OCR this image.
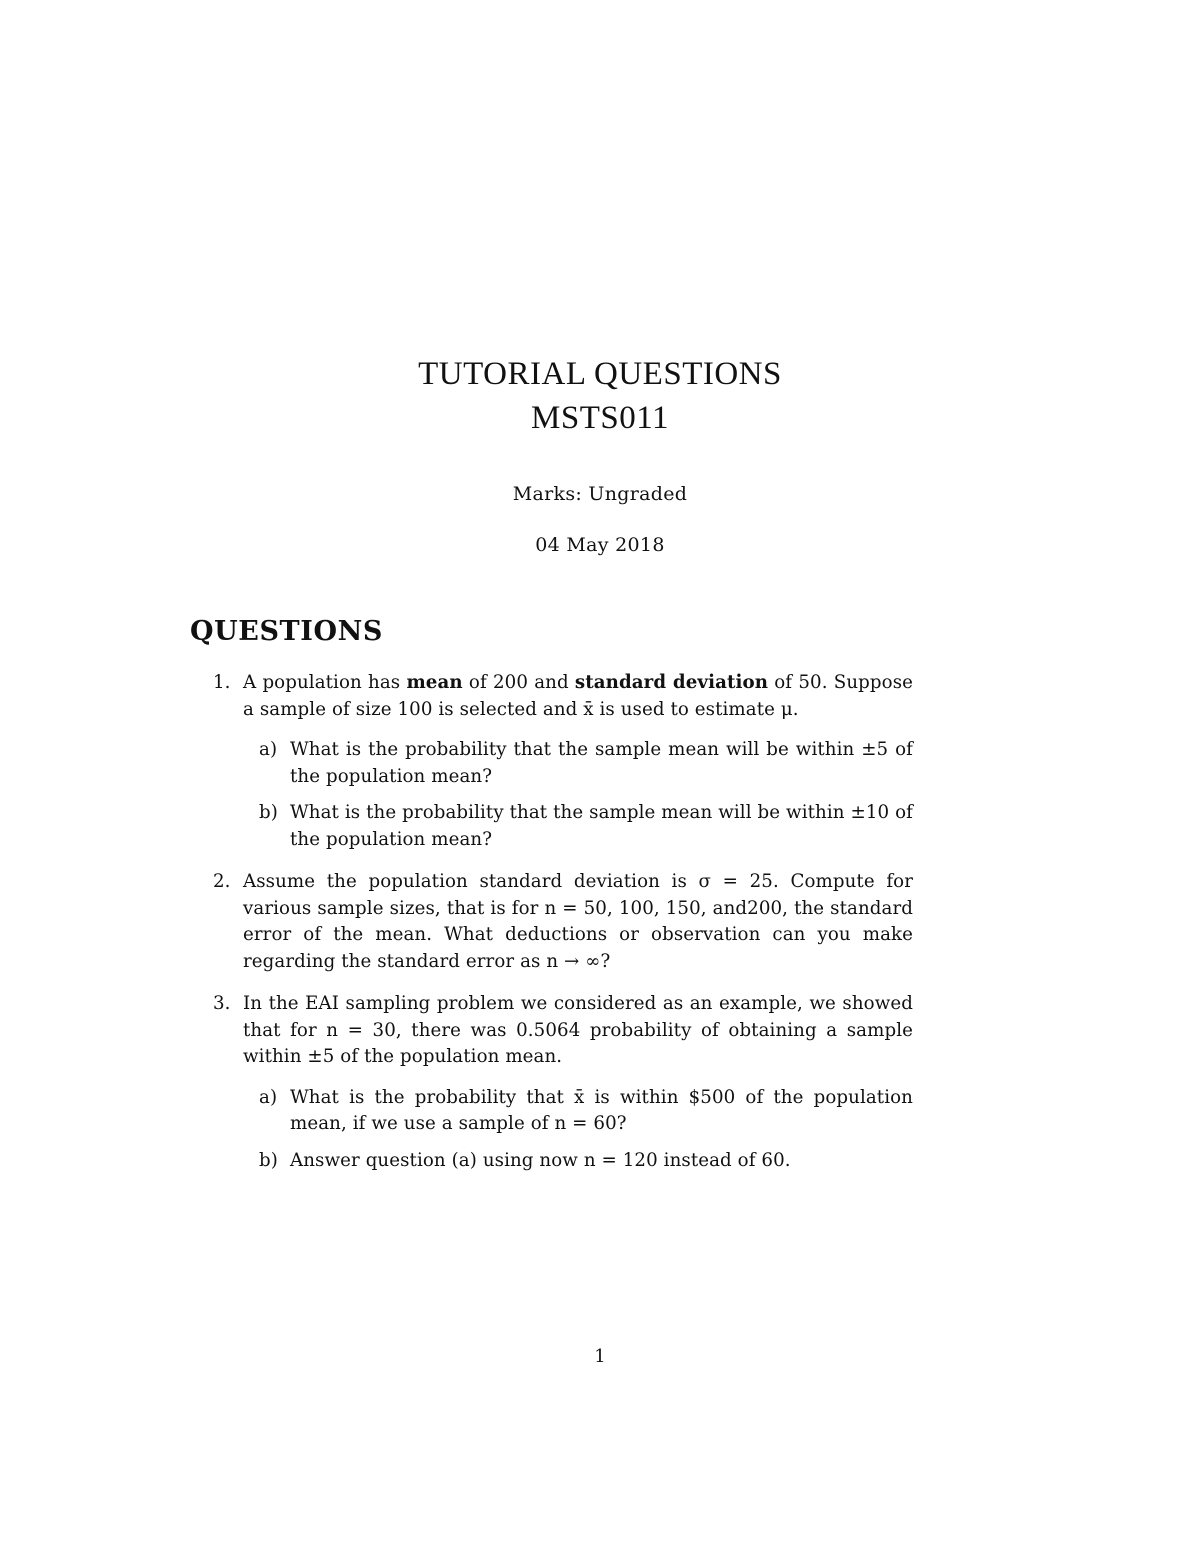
TUTORIAL QUESTIONS
MSTS011
Marks: Ungraded
04 May 2018
QUESTIONS
1. A population has mean of 200 and standard deviation of 50. Suppose a sample of size 100 is selected and x̄ is used to estimate μ.
a) What is the probability that the sample mean will be within ±5 of the population mean?
b) What is the probability that the sample mean will be within ±10 of the population mean?
2. Assume the population standard deviation is σ = 25. Compute for various sample sizes, that is for n = 50, 100, 150, and200, the standard error of the mean. What deductions or observation can you make regarding the standard error as n → ∞?
3. In the EAI sampling problem we considered as an example, we showed that for n = 30, there was 0.5064 probability of obtaining a sample within ±5 of the population mean.
a) What is the probability that x̄ is within $500 of the population mean, if we use a sample of n = 60?
b) Answer question (a) using now n = 120 instead of 60.
1
